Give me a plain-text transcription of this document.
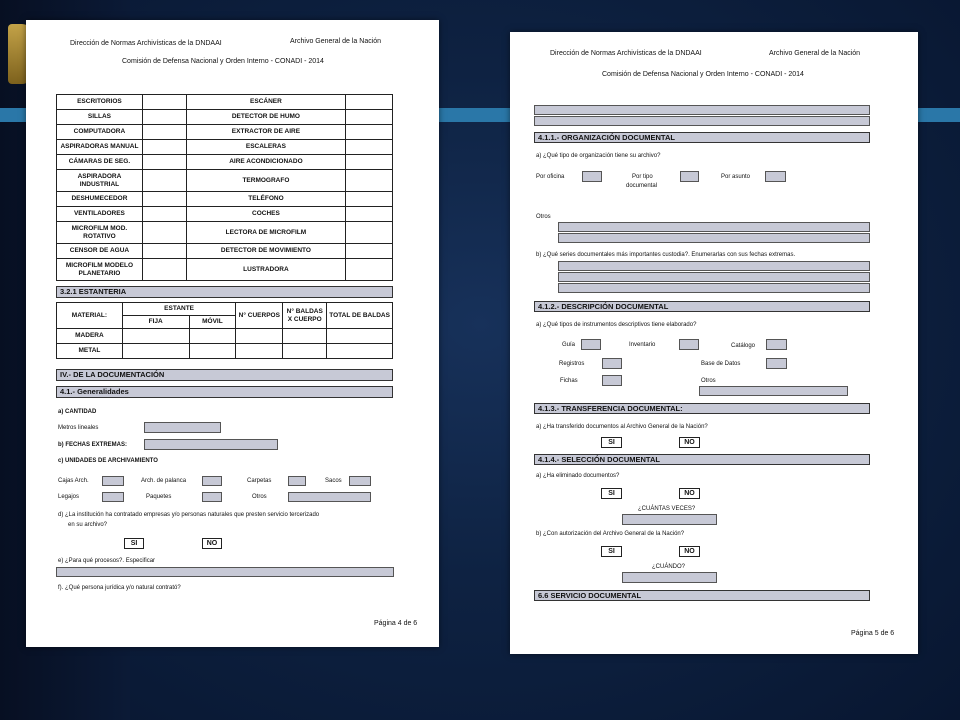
Dirección de Normas Archivísticas de la DNDAAI	Archivo General de la Nación
Comisión de Defensa Nacional y Orden Interno - CONADI - 2014
ESCRITORIOS		ESCÁNER	
SILLAS		DETECTOR DE HUMO	
COMPUTADORA		EXTRACTOR DE AIRE	
ASPIRADORAS MANUAL		ESCALERAS	
CÁMARAS DE SEG.		AIRE ACONDICIONADO	
ASPIRADORA INDUSTRIAL		TERMOGRAFO	
DESHUMECEDOR		TELÉFONO	
VENTILADORES		COCHES	
MICROFILM MOD. ROTATIVO		LECTORA DE MICROFILM	
CENSOR DE AGUA		DETECTOR DE MOVIMIENTO	
MICROFILM MODELO PLANETARIO		LUSTRADORA	
3.2.1 ESTANTERIA
MATERIAL:	ESTANTE		N° CUERPOS	N° BALDAS X CUERPO	TOTAL DE BALDAS
	FIJA	MÓVIL			
MADERA					
METAL					
IV.- DE LA DOCUMENTACIÓN
4.1.- Generalidades
a) CANTIDAD
Metros lineales
b) FECHAS EXTREMAS:
c) UNIDADES DE ARCHIVAMIENTO
Cajas Arch.	Arch. de palanca	Carpetas	Sacos
Legajos	Paquetes	Otros
d) ¿La institución ha contratado empresas y/o personas naturales que presten servicio tercerizado
en su archivo?
SI	NO
e) ¿Para qué procesos?. Especificar
f). ¿Qué persona jurídica y/o natural contrató?
Página 4 de 6
Dirección de Normas Archivísticas de la DNDAAI	Archivo General de la Nación
Comisión de Defensa Nacional y Orden Interno - CONADI - 2014
4.1.1.- ORGANIZACIÓN DOCUMENTAL
a) ¿Qué tipo de organización tiene su archivo?
Por oficina	Por tipo
documental
Por asunto
Otros
b) ¿Qué series documentales más importantes custodia?. Enumerarlas con sus fechas extremas.
4.1.2.- DESCRIPCIÓN DOCUMENTAL
a) ¿Qué tipos de instrumentos descriptivos tiene elaborado?
Guía	Inventario	Catálogo
Registros	Base de Datos
Fichas	Otros
4.1.3.- TRANSFERENCIA DOCUMENTAL:
a) ¿Ha transferido documentos al Archivo General de la Nación?
SI	NO
4.1.4.- SELECCIÓN DOCUMENTAL
a) ¿Ha eliminado documentos?
SI	NO
¿CUÁNTAS VECES?
b) ¿Con autorización del Archivo General de la Nación?
SI	NO
¿CUÁNDO?
6.6 SERVICIO DOCUMENTAL
Página 5 de 6
